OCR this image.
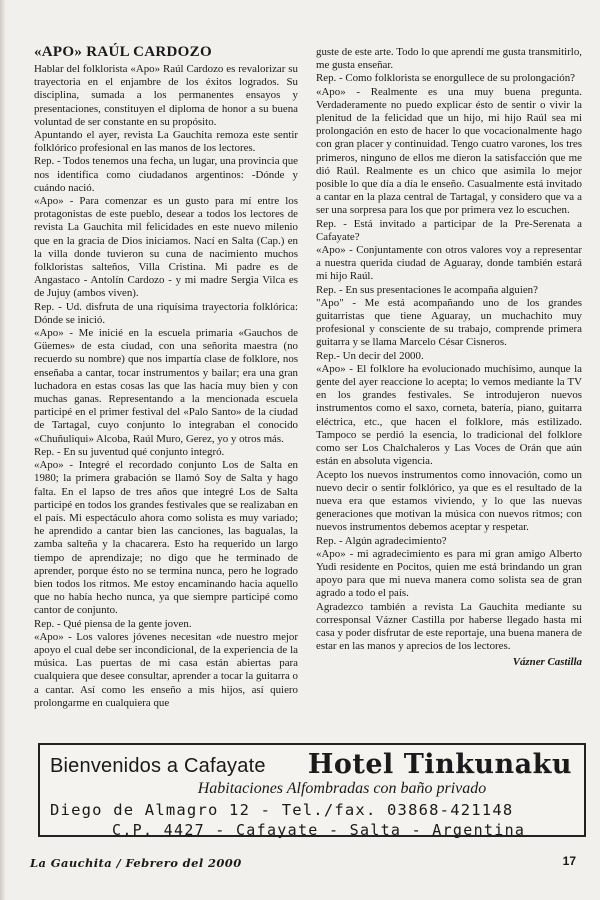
«APO» RAÚL CARDOZO

Hablar del folklorista «Apo» Raúl Cardozo es revalorizar su trayectoria en el enjambre de los éxitos logrados. Su disciplina, sumada a los permanentes ensayos y presentaciones, constituyen el diploma de honor a su buena voluntad de ser constante en su propósito.

Apuntando el ayer, revista La Gauchita remoza este sentir folklórico profesional en las manos de los lectores.

Rep. - Todos tenemos una fecha, un lugar, una provincia que nos identifica como ciudadanos argentinos: -Dónde y cuándo nació.

«Apo» - Para comenzar es un gusto para mí entre los protagonistas de este pueblo, desear a todos los lectores de revista La Gauchita mil felicidades en este nuevo milenio que en la gracia de Dios iniciamos. Nací en Salta (Cap.) en la villa donde tuvieron su cuna de nacimiento muchos folkloristas salteños, Villa Cristina. Mi padre es de Angastaco - Antolín Cardozo - y mi madre Sergia Vilca es de Jujuy (ambos viven).

Rep. - Ud. disfruta de una riquísima trayectoria folklórica: Dónde se inició.

«Apo» - Me inicié en la escuela primaria «Gauchos de Güemes» de esta ciudad, con una señorita maestra (no recuerdo su nombre) que nos impartía clase de folklore, nos enseñaba a cantar, tocar instrumentos y bailar; era una gran luchadora en estas cosas las que las hacía muy bien y con muchas ganas. Representando a la mencionada escuela participé en el primer festival del «Palo Santo» de la ciudad de Tartagal, cuyo conjunto lo integraban el conocido «Chuñuliqui» Alcoba, Raúl Muro, Gerez, yo y otros más.

Rep. - En su juventud qué conjunto integró.

«Apo» - Integré el recordado conjunto Los de Salta en 1980; la primera grabación se llamó Soy de Salta y hago falta. En el lapso de tres años que integré Los de Salta participé en todos los grandes festivales que se realizaban en el país. Mi espectáculo ahora como solista es muy variado; he aprendido a cantar bien las canciones, las bagualas, la zamba salteña y la chacarera. Esto ha requerido un largo tiempo de aprendizaje; no digo que he terminado de aprender, porque ésto no se termina nunca, pero he logrado bien todos los ritmos. Me estoy encaminando hacia aquello que no había hecho nunca, ya que siempre participé como cantor de conjunto.

Rep. - Qué piensa de la gente joven.

«Apo» - Los valores jóvenes necesitan «de nuestro mejor apoyo el cual debe ser incondicional, de la experiencia de la música. Las puertas de mi casa están abiertas para cualquiera que desee consultar, aprender a tocar la guitarra o a cantar. Así como les enseño a mis hijos, así quiero prolongarme en cualquiera que

guste de este arte. Todo lo que aprendí me gusta transmitirlo, me gusta enseñar.

Rep. - Como folklorista se enorgullece de su prolongación?

«Apo» - Realmente es una muy buena pregunta. Verdaderamente no puedo explicar ésto de sentir o vivir la plenitud de la felicidad que un hijo, mi hijo Raúl sea mi prolongación en esto de hacer lo que vocacionalmente hago con gran placer y continuidad. Tengo cuatro varones, los tres primeros, ninguno de ellos me dieron la satisfacción que me dió Raúl. Realmente es un chico que asimila lo mejor posible lo que día a día le enseño. Casualmente está invitado a cantar en la plaza central de Tartagal, y considero que va a ser una sorpresa para los que por primera vez lo escuchen.

Rep. - Está invitado a participar de la Pre-Serenata a Cafayate?

«Apo» - Conjuntamente con otros valores voy a representar a nuestra querida ciudad de Aguaray, donde también estará mi hijo Raúl.

Rep. - En sus presentaciones le acompaña alguien?

"Apo" - Me está acompañando uno de los grandes guitarristas que tiene Aguaray, un muchachito muy profesional y consciente de su trabajo, comprende primera guitarra y se llama Marcelo César Cisneros.

Rep.- Un decir del 2000.

«Apo» - El folklore ha evolucionado muchísimo, aunque la gente del ayer reaccione lo acepta; lo vemos mediante la TV en los grandes festivales. Se introdujeron nuevos instrumentos como el saxo, corneta, batería, piano, guitarra eléctrica, etc., que hacen el folklore, más estilizado. Tampoco se perdió la esencia, lo tradicional del folklore como ser Los Chalchaleros y Las Voces de Orán que aún están en absoluta vigencia.

Acepto los nuevos instrumentos como innovación, como un nuevo decir o sentir folklórico, ya que es el resultado de la nueva era que estamos viviendo, y lo que las nuevas generaciones que motivan la música con nuevos ritmos; con nuevos instrumentos debemos aceptar y respetar.

Rep. - Algún agradecimiento?

«Apo» - mi agradecimiento es para mi gran amigo Alberto Yudi residente en Pocitos, quien me está brindando un gran apoyo para que mi nueva manera como solista sea de gran agrado a todo el país.

Agradezco también a revista La Gauchita mediante su corresponsal Vázner Castilla por haberse llegado hasta mi casa y poder disfrutar de este reportaje, una buena manera de estar en las manos y aprecios de los lectores.

Vázner Castilla
Bienvenidos a Cafayate Hotel Tinkunaku
Habitaciones Alfombradas con baño privado
Diego de Almagro 12 - Tel./fax. 03868-421148
C.P. 4427 - Cafayate - Salta - Argentina
La Gauchita / Febrero del 2000	17
